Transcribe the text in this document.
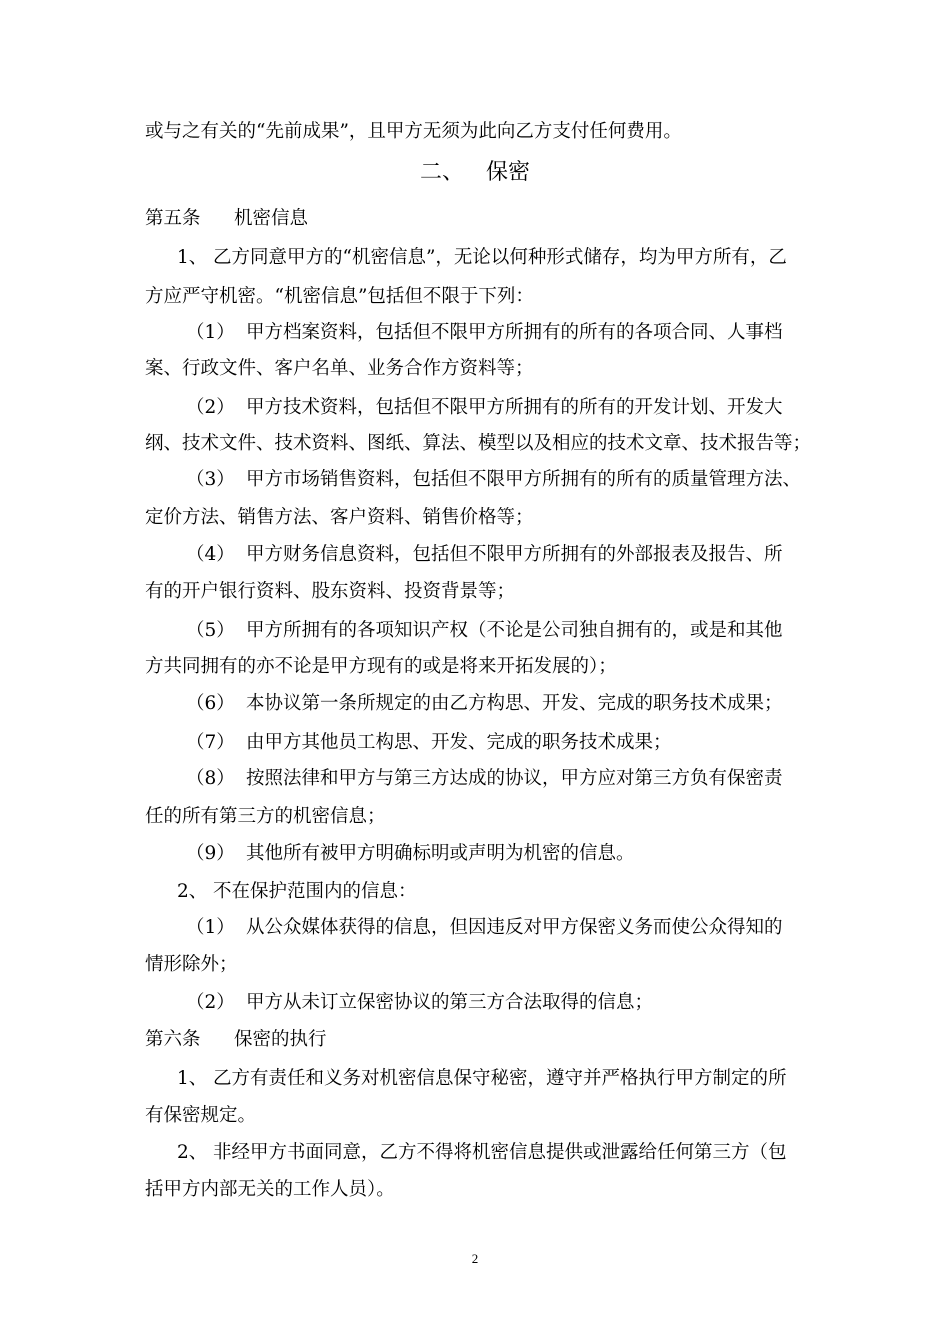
或与之有关的“先前成果”，且甲方无须为此向乙方支付任何费用。
二、 保密
第五条 机密信息
1、 乙方同意甲方的“机密信息”，无论以何种形式储存，均为甲方所有，乙
方应严守机密。“机密信息”包括但不限于下列：
（1） 甲方档案资料，包括但不限甲方所拥有的所有的各项合同、人事档
案、行政文件、客户名单、业务合作方资料等；
（2） 甲方技术资料，包括但不限甲方所拥有的所有的开发计划、开发大
纲、技术文件、技术资料、图纸、算法、模型以及相应的技术文章、技术报告等；
（3） 甲方市场销售资料，包括但不限甲方所拥有的所有的质量管理方法、
定价方法、销售方法、客户资料、销售价格等；
（4） 甲方财务信息资料，包括但不限甲方所拥有的外部报表及报告、所
有的开户银行资料、股东资料、投资背景等；
（5） 甲方所拥有的各项知识产权（不论是公司独自拥有的，或是和其他
方共同拥有的亦不论是甲方现有的或是将来开拓发展的）；
（6） 本协议第一条所规定的由乙方构思、开发、完成的职务技术成果；
（7） 由甲方其他员工构思、开发、完成的职务技术成果；
（8） 按照法律和甲方与第三方达成的协议，甲方应对第三方负有保密责
任的所有第三方的机密信息；
（9） 其他所有被甲方明确标明或声明为机密的信息。
2、 不在保护范围内的信息：
（1） 从公众媒体获得的信息，但因违反对甲方保密义务而使公众得知的
情形除外；
（2） 甲方从未订立保密协议的第三方合法取得的信息；
第六条 保密的执行
1、 乙方有责任和义务对机密信息保守秘密，遵守并严格执行甲方制定的所
有保密规定。
2、 非经甲方书面同意，乙方不得将机密信息提供或泄露给任何第三方（包
括甲方内部无关的工作人员）。
2
